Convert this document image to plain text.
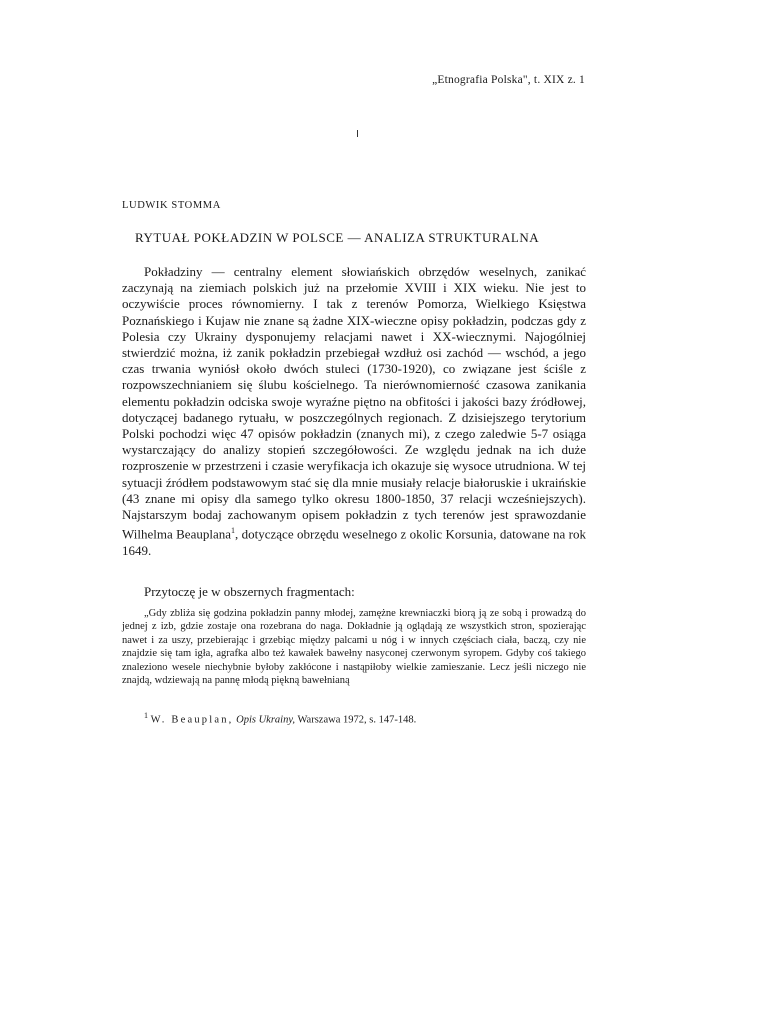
„Etnografia Polska", t. XIX z. 1
LUDWIK STOMMA
RYTUAŁ POKŁADZIN W POLSCE — ANALIZA STRUKTURALNA

Pokładziny — centralny element słowiańskich obrzędów weselnych, zanikać zaczynają na ziemiach polskich już na przełomie XVIII i XIX wieku. Nie jest to oczywiście proces równomierny. I tak z terenów Pomorza, Wielkiego Księstwa Poznańskiego i Kujaw nie znane są żadne XIX-wieczne opisy pokładzin, podczas gdy z Polesia czy Ukrainy dysponujemy relacjami nawet i XX-wiecznymi. Najogólniej stwierdzić można, iż zanik pokładzin przebiegał wzdłuż osi zachód — wschód, a jego czas trwania wyniósł około dwóch stuleci (1730-1920), co związane jest ściśle z rozpowszechnianiem się ślubu kościelnego. Ta nierównomierność czasowa zanikania elementu pokładzin odciska swoje wyraźne piętno na obfitości i jakości bazy źródłowej, dotyczącej badanego rytuału, w poszczególnych regionach. Z dzisiejszego terytorium Polski pochodzi więc 47 opisów pokładzin (znanych mi), z czego zaledwie 5-7 osiąga wystarczający do analizy stopień szczegółowości. Ze względu jednak na ich duże rozproszenie w przestrzeni i czasie weryfikacja ich okazuje się wysoce utrudniona. W tej sytuacji źródłem podstawowym stać się dla mnie musiały relacje białoruskie i ukraińskie (43 znane mi opisy dla samego tylko okresu 1800-1850, 37 relacji wcześniejszych). Najstarszym bodaj zachowanym opisem pokładzin z tych terenów jest sprawozdanie Wilhelma Beauplana$^1$, dotyczące obrzędu weselnego z okolic Korsunia, datowane na rok 1649.

Przytoczę je w obszernych fragmentach:

„Gdy zbliża się godzina pokładzin panny młodej, zamężne krewniaczki biorą ją ze sobą i prowadzą do jednej z izb, gdzie zostaje ona rozebrana do naga. Dokładnie ją oglądają ze wszystkich stron, spozierając nawet i za uszy, przebierając i grzebiąc między palcami u nóg i w innych częściach ciała, baczą, czy nie znajdzie się tam igła, agrafka albo też kawałek bawełny nasyconej czerwonym syropem. Gdyby coś takiego znaleziono wesele niechybnie byłoby zakłócone i nastąpiłoby wielkie zamieszanie. Lecz jeśli niczego nie znajdą, wdziewają na pannę młodą piękną bawełnianą

$^1$ W. Beauplan, Opis Ukrainy, Warszawa 1972, s. 147-148.
